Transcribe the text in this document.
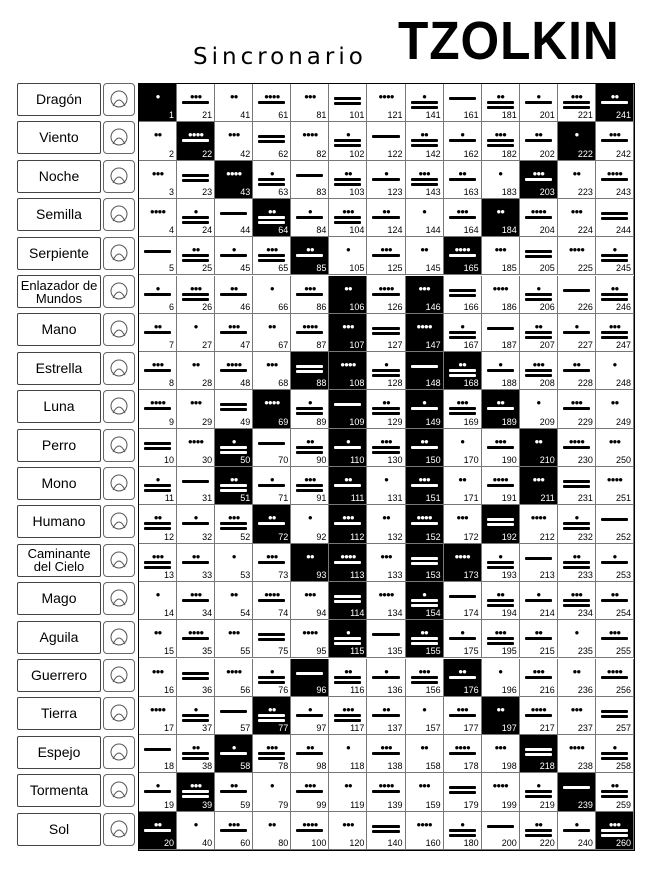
Sincronario TZOLKIN
Dragón
Viento
Noche
Semilla
Serpiente
Enlazador de Mundos
Mano
Estrella
Luna
Perro
Mono
Humano
Caminante del Cielo
Mago
Aguila
Guerrero
Tierra
Espejo
Tormenta
Sol
●
1
●●
2
●●●
3
●●●●
4
5
●
6
●●
7
●●●
8
●●●●
9
10
●
11
●●
12
●●●
13
●
14
●●
15
●●●
16
●●●●
17
18
●
19
●●
20
●●●
21
●●●●
22
23
●
24
●●
25
●●●
26
●
27
●●
28
●●●
29
●●●●
30
31
●
32
●●
33
●●●
34
●●●●
35
36
●
37
●●
38
●●●
39
●
40
●●
41
●●●
42
●●●●
43
44
●
45
●●
46
●●●
47
●●●●
48
49
●
50
●●
51
●●●
52
●
53
●●
54
●●●
55
●●●●
56
57
●
58
●●
59
●●●
60
●●●●
61
62
●
63
●●
64
●●●
65
●
66
●●
67
●●●
68
●●●●
69
70
●
71
●●
72
●●●
73
●●●●
74
75
●
76
●●
77
●●●
78
●
79
●●
80
●●●
81
●●●●
82
83
●
84
●●
85
●●●
86
●●●●
87
88
●
89
●●
90
●●●
91
●
92
●●
93
●●●
94
●●●●
95
96
●
97
●●
98
●●●
99
●●●●
100
101
●
102
●●
103
●●●
104
●
105
●●
106
●●●
107
●●●●
108
109
●
110
●●
111
●●●
112
●●●●
113
114
●
115
●●
116
●●●
117
●
118
●●
119
●●●
120
●●●●
121
122
●
123
●●
124
●●●
125
●●●●
126
127
●
128
●●
129
●●●
130
●
131
●●
132
●●●
133
●●●●
134
135
●
136
●●
137
●●●
138
●●●●
139
140
●
141
●●
142
●●●
143
●
144
●●
145
●●●
146
●●●●
147
148
●
149
●●
150
●●●
151
●●●●
152
153
●
154
●●
155
●●●
156
●
157
●●
158
●●●
159
●●●●
160
161
●
162
●●
163
●●●
164
●●●●
165
166
●
167
●●
168
●●●
169
●
170
●●
171
●●●
172
●●●●
173
174
●
175
●●
176
●●●
177
●●●●
178
179
●
180
●●
181
●●●
182
●
183
●●
184
●●●
185
●●●●
186
187
●
188
●●
189
●●●
190
●●●●
191
192
●
193
●●
194
●●●
195
●
196
●●
197
●●●
198
●●●●
199
200
●
201
●●
202
●●●
203
●●●●
204
205
●
206
●●
207
●●●
208
●
209
●●
210
●●●
211
●●●●
212
213
●
214
●●
215
●●●
216
●●●●
217
218
●
219
●●
220
●●●
221
●
222
●●
223
●●●
224
●●●●
225
226
●
227
●●
228
●●●
229
●●●●
230
231
●
232
●●
233
●●●
234
●
235
●●
236
●●●
237
●●●●
238
239
●
240
●●
241
●●●
242
●●●●
243
244
●
245
●●
246
●●●
247
●
248
●●
249
●●●
250
●●●●
251
252
●
253
●●
254
●●●
255
●●●●
256
257
●
258
●●
259
●●●
260
